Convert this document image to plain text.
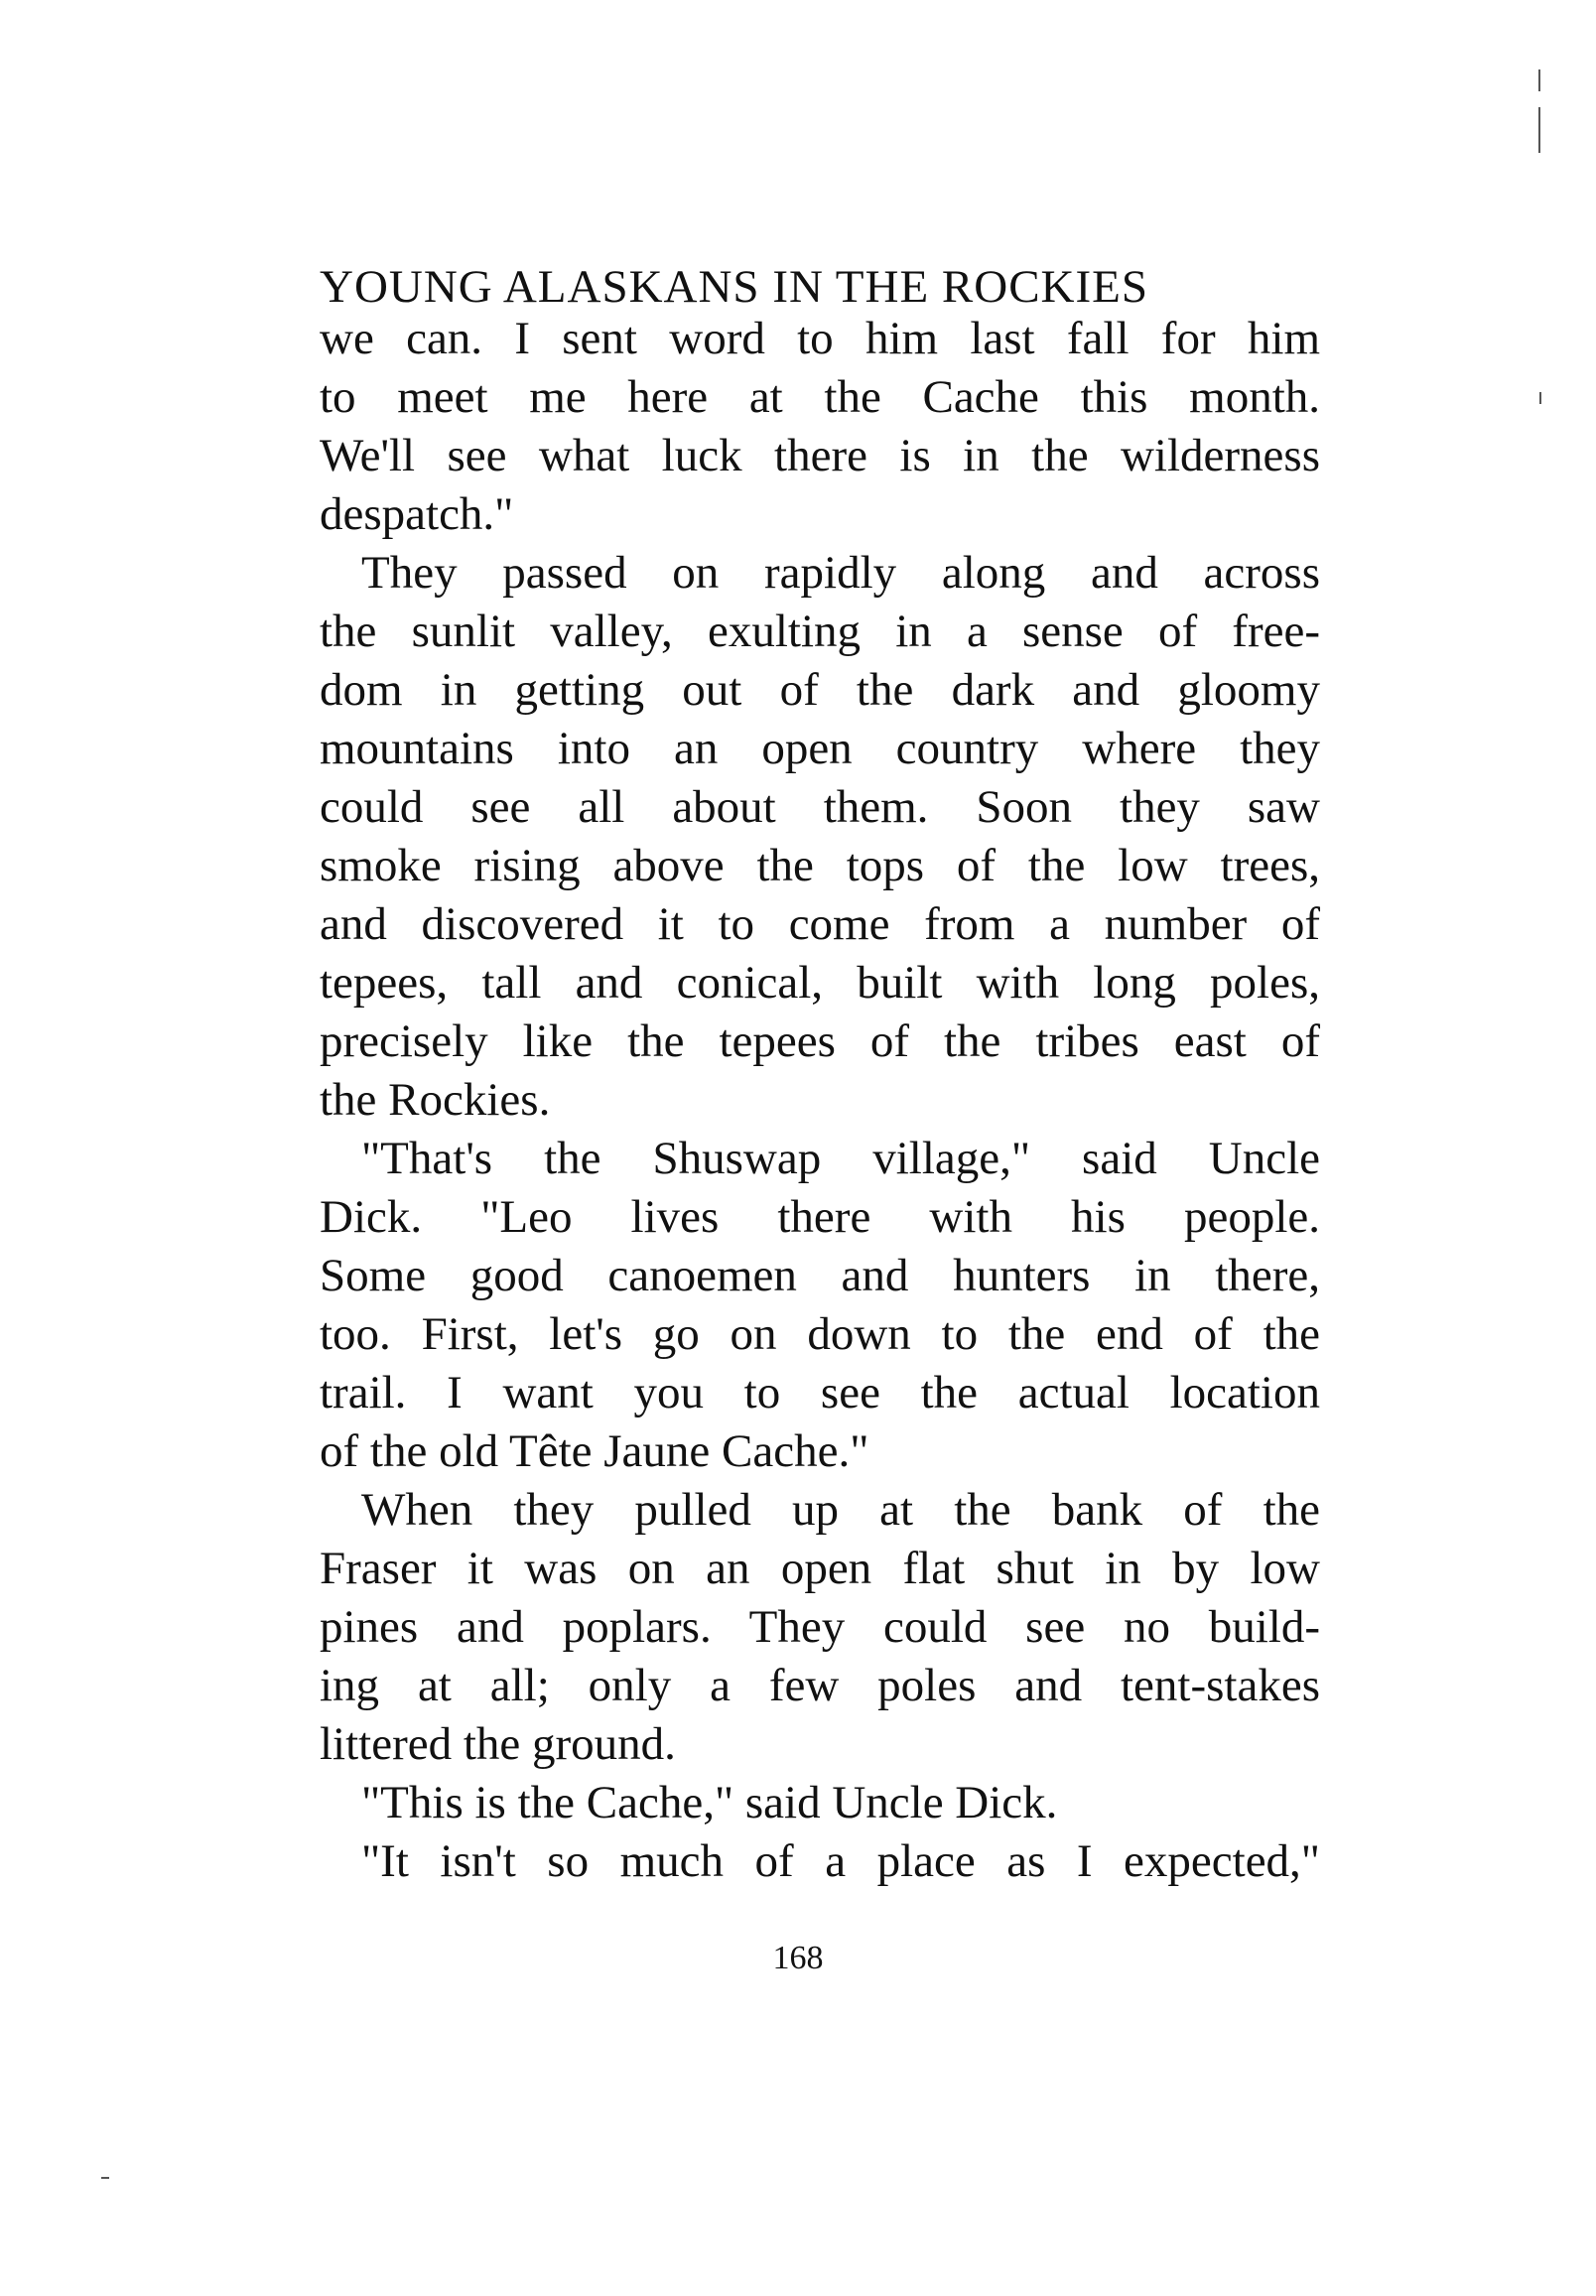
YOUNG ALASKANS IN THE ROCKIES
we can. I sent word to him last fall for him
to meet me here at the Cache this month.
We'll see what luck there is in the wilderness
despatch."
They passed on rapidly along and across
the sunlit valley, exulting in a sense of free-
dom in getting out of the dark and gloomy
mountains into an open country where they
could see all about them. Soon they saw
smoke rising above the tops of the low trees,
and discovered it to come from a number of
tepees, tall and conical, built with long poles,
precisely like the tepees of the tribes east of
the Rockies.
"That's the Shuswap village," said Uncle
Dick. "Leo lives there with his people.
Some good canoemen and hunters in there,
too. First, let's go on down to the end of the
trail. I want you to see the actual location
of the old Tête Jaune Cache."
When they pulled up at the bank of the
Fraser it was on an open flat shut in by low
pines and poplars. They could see no build-
ing at all; only a few poles and tent-stakes
littered the ground.
"This is the Cache," said Uncle Dick.
"It isn't so much of a place as I expected,"
168
